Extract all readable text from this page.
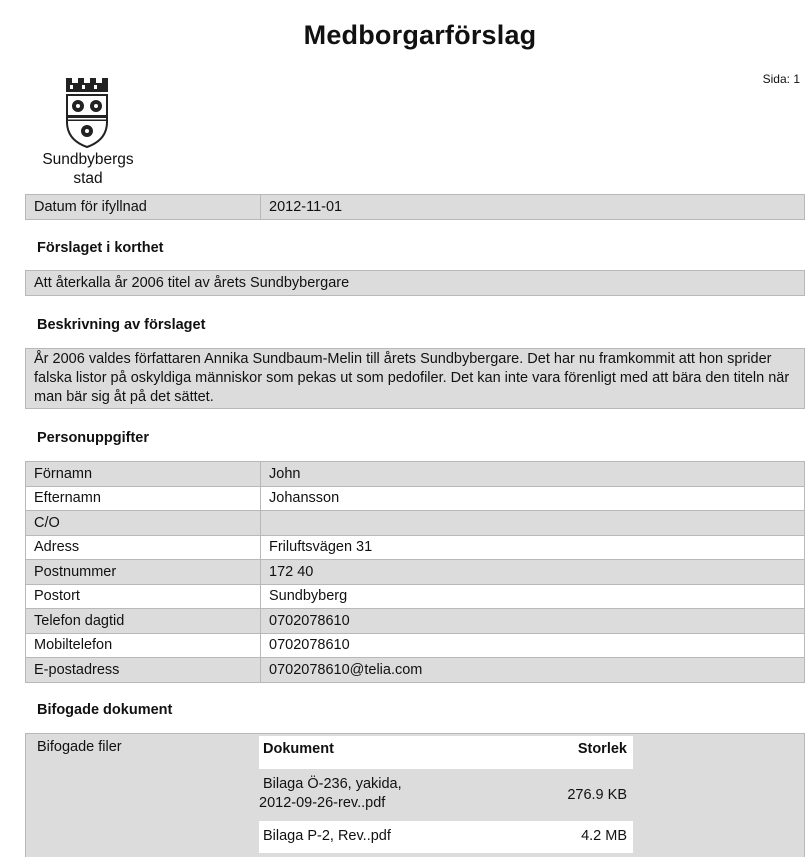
Medborgarförslag
Sida: 1
Sundbybergs
stad
Datum för ifyllnad	2012-11-01
Förslaget i korthet
Att återkalla år 2006 titel av årets Sundbybergare
Beskrivning av förslaget
År 2006 valdes författaren Annika Sundbaum-Melin till årets Sundbybergare. Det har nu framkommit att hon sprider falska listor på oskyldiga människor som pekas ut som pedofiler. Det kan inte vara förenligt med att bära den titeln när man bär sig åt på det sättet.
Personuppgifter
Förnamn	John
Efternamn	Johansson
C/O	
Adress	Friluftsvägen 31
Postnummer	172 40
Postort	Sundbyberg
Telefon dagtid	0702078610
Mobiltelefon	0702078610
E-postadress	0702078610@telia.com
Bifogade dokument
Bifogade filer	Dokument	Storlek
Bilaga Ö-236, yakida,
2012-09-26-rev..pdf	276.9 KB
Bilaga P-2, Rev..pdf	4.2 MB
